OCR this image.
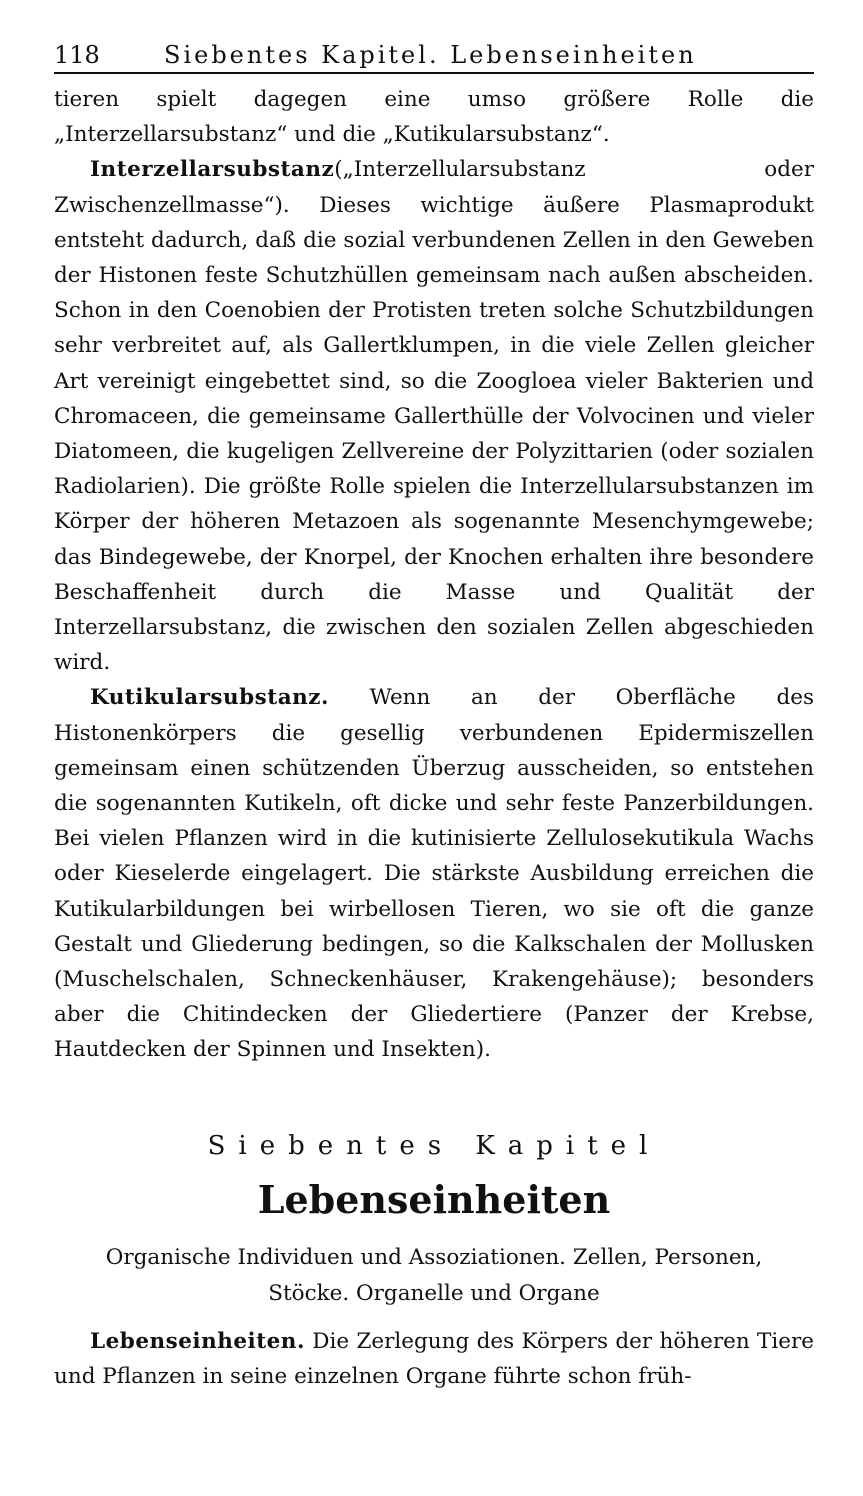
118	Siebentes Kapitel. Lebenseinheiten

tieren spielt dagegen eine umso größere Rolle die „Interzellarsubstanz“ und die „Kutikularsubstanz“.

Interzellarsubstanz(„Interzellularsubstanz oder Zwischenzellmasse“). Dieses wichtige äußere Plasmaprodukt entsteht dadurch, daß die sozial verbundenen Zellen in den Geweben der Histonen feste Schutzhüllen gemeinsam nach außen abscheiden. Schon in den Coenobien der Protisten treten solche Schutzbildungen sehr verbreitet auf, als Gallertklumpen, in die viele Zellen gleicher Art vereinigt eingebettet sind, so die Zoogloea vieler Bakterien und Chromaceen, die gemeinsame Gallerthülle der Volvocinen und vieler Diatomeen, die kugeligen Zellvereine der Polyzittarien (oder sozialen Radiolarien). Die größte Rolle spielen die Interzellularsubstanzen im Körper der höheren Metazoen als sogenannte Mesenchymgewebe; das Bindegewebe, der Knorpel, der Knochen erhalten ihre besondere Beschaffenheit durch die Masse und Qualität der Interzellarsubstanz, die zwischen den sozialen Zellen abgeschieden wird.

Kutikularsubstanz. Wenn an der Oberfläche des Histonenkörpers die gesellig verbundenen Epidermiszellen gemeinsam einen schützenden Überzug ausscheiden, so entstehen die sogenannten Kutikeln, oft dicke und sehr feste Panzerbildungen. Bei vielen Pflanzen wird in die kutinisierte Zellulosekutikula Wachs oder Kieselerde eingelagert. Die stärkste Ausbildung erreichen die Kutikularbildungen bei wirbellosen Tieren, wo sie oft die ganze Gestalt und Gliederung bedingen, so die Kalkschalen der Mollusken (Muschelschalen, Schneckenhäuser, Krakengehäuse); besonders aber die Chitindecken der Gliedertiere (Panzer der Krebse, Hautdecken der Spinnen und Insekten).

Siebentes Kapitel
Lebenseinheiten
Organische Individuen und Assoziationen. Zellen, Personen,
Stöcke. Organelle und Organe

Lebenseinheiten. Die Zerlegung des Körpers der höheren Tiere und Pflanzen in seine einzelnen Organe führte schon früh-
